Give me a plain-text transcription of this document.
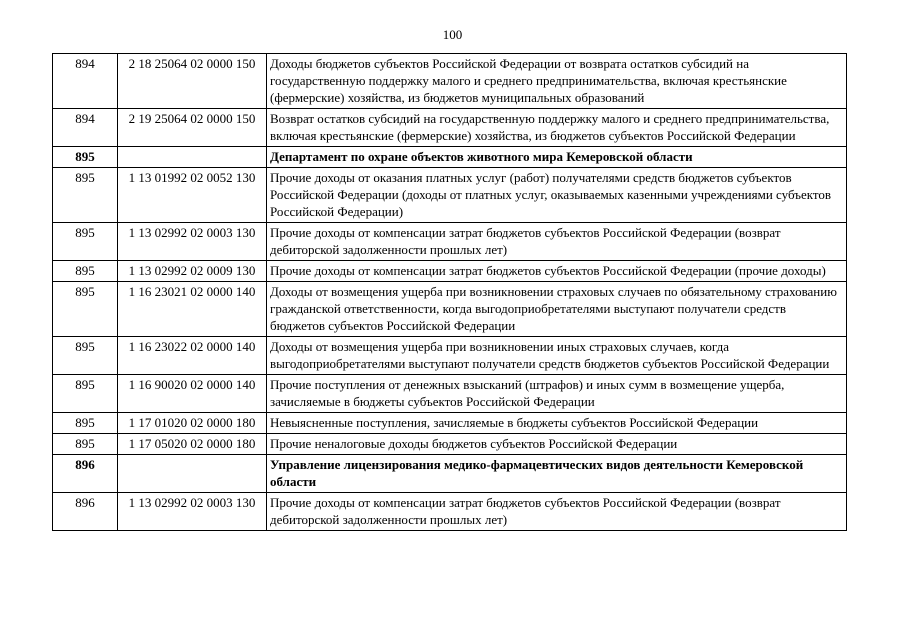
100
894	2 18 25064 02 0000 150	Доходы бюджетов субъектов Российской Федерации от возврата остатков субсидий на государственную поддержку малого и среднего предпринимательства, включая крестьянские (фермерские) хозяйства, из бюджетов муниципальных образований
894	2 19 25064 02 0000 150	Возврат остатков субсидий на государственную поддержку малого и среднего предпринимательства, включая крестьянские (фермерские) хозяйства, из бюджетов субъектов Российской Федерации
895		Департамент по охране объектов животного мира Кемеровской области
895	1 13 01992 02 0052 130	Прочие доходы от оказания платных услуг (работ) получателями средств бюджетов субъектов Российской Федерации (доходы от платных услуг, оказываемых казенными учреждениями субъектов Российской Федерации)
895	1 13 02992 02 0003 130	Прочие доходы от компенсации затрат бюджетов субъектов Российской Федерации (возврат дебиторской задолженности прошлых лет)
895	1 13 02992 02 0009 130	Прочие доходы от компенсации затрат бюджетов субъектов Российской Федерации (прочие доходы)
895	1 16 23021 02 0000 140	Доходы от возмещения ущерба при возникновении страховых случаев по обязательному страхованию гражданской ответственности, когда выгодоприобретателями выступают получатели средств бюджетов субъектов Российской Федерации
895	1 16 23022 02 0000 140	Доходы от возмещения ущерба при возникновении иных страховых случаев, когда выгодоприобретателями выступают получатели средств бюджетов субъектов Российской Федерации
895	1 16 90020 02 0000 140	Прочие поступления от денежных взысканий (штрафов) и иных сумм в возмещение ущерба, зачисляемые в бюджеты субъектов Российской Федерации
895	1 17 01020 02 0000 180	Невыясненные поступления, зачисляемые в бюджеты субъектов Российской Федерации
895	1 17 05020 02 0000 180	Прочие неналоговые доходы бюджетов субъектов Российской Федерации
896		Управление лицензирования медико-фармацевтических видов деятельности Кемеровской области
896	1 13 02992 02 0003 130	Прочие доходы от компенсации затрат бюджетов субъектов Российской Федерации (возврат дебиторской задолженности прошлых лет)
